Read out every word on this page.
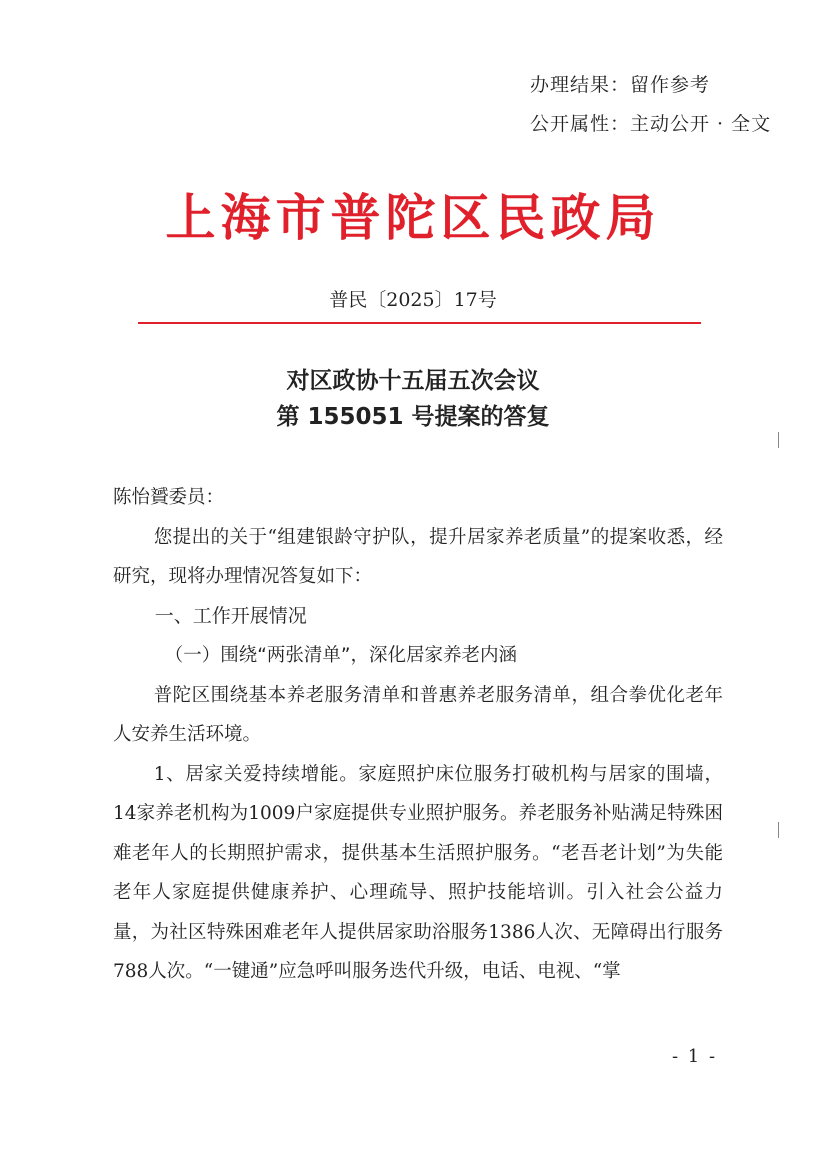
办理结果：留作参考
公开属性：主动公开 · 全文
上海市普陀区民政局
普民〔2025〕17号
对区政协十五届五次会议
第 155051 号提案的答复

陈怡贇委员：

您提出的关于“组建银龄守护队，提升居家养老质量”的提案收悉，经研究，现将办理情况答复如下：

一、工作开展情况

（一）围绕“两张清单”，深化居家养老内涵

普陀区围绕基本养老服务清单和普惠养老服务清单，组合拳优化老年人安养生活环境。

1、居家关爱持续增能。家庭照护床位服务打破机构与居家的围墙，14家养老机构为1009户家庭提供专业照护服务。养老服务补贴满足特殊困难老年人的长期照护需求，提供基本生活照护服务。“老吾老计划”为失能老年人家庭提供健康养护、心理疏导、照护技能培训。引入社会公益力量，为社区特殊困难老年人提供居家助浴服务1386人次、无障碍出行服务788人次。“一键通”应急呼叫服务迭代升级，电话、电视、“掌

- 1 -
